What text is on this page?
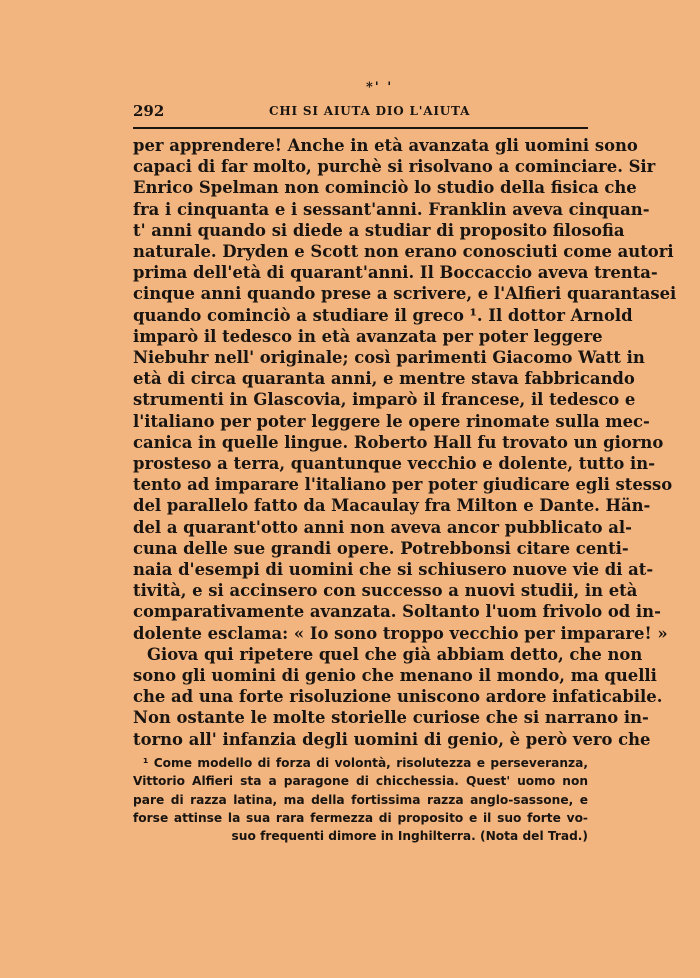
*' '
292	CHI SI AIUTA DIO L'AIUTA
per apprendere! Anche in età avanzata gli uomini sono
capaci di far molto, purchè si risolvano a cominciare. Sir
Enrico Spelman non cominciò lo studio della fisica che
fra i cinquanta e i sessant'anni. Franklin aveva cinquan-
t' anni quando si diede a studiar di proposito filosofia
naturale. Dryden e Scott non erano conosciuti come autori
prima dell'età di quarant'anni. Il Boccaccio aveva trenta-
cinque anni quando prese a scrivere, e l'Alfieri quarantasei
quando cominciò a studiare il greco ¹. Il dottor Arnold
imparò il tedesco in età avanzata per poter leggere
Niebuhr nell' originale; così parimenti Giacomo Watt in
età di circa quaranta anni, e mentre stava fabbricando
strumenti in Glascovia, imparò il francese, il tedesco e
l'italiano per poter leggere le opere rinomate sulla mec-
canica in quelle lingue. Roberto Hall fu trovato un giorno
prosteso a terra, quantunque vecchio e dolente, tutto in-
tento ad imparare l'italiano per poter giudicare egli stesso
del parallelo fatto da Macaulay fra Milton e Dante. Hän-
del a quarant'otto anni non aveva ancor pubblicato al-
cuna delle sue grandi opere. Potrebbonsi citare centi-
naia d'esempi di uomini che si schiusero nuove vie di at-
tività, e si accinsero con successo a nuovi studii, in età
comparativamente avanzata. Soltanto l'uom frivolo od in-
dolente esclama: « Io sono troppo vecchio per imparare! »
Giova qui ripetere quel che già abbiam detto, che non
sono gli uomini di genio che menano il mondo, ma quelli
che ad una forte risoluzione uniscono ardore infaticabile.
Non ostante le molte storielle curiose che si narrano in-
torno all' infanzia degli uomini di genio, è però vero che
¹ Come modello di forza di volontà, risolutezza e perseveranza,
Vittorio Alfieri sta a paragone di chicchessia. Quest' uomo non
pare di razza latina, ma della fortissima razza anglo-sassone, e
forse attinse la sua rara fermezza di proposito e il suo forte vo-
suo frequenti dimore in Inghilterra. (Nota del Trad.)
